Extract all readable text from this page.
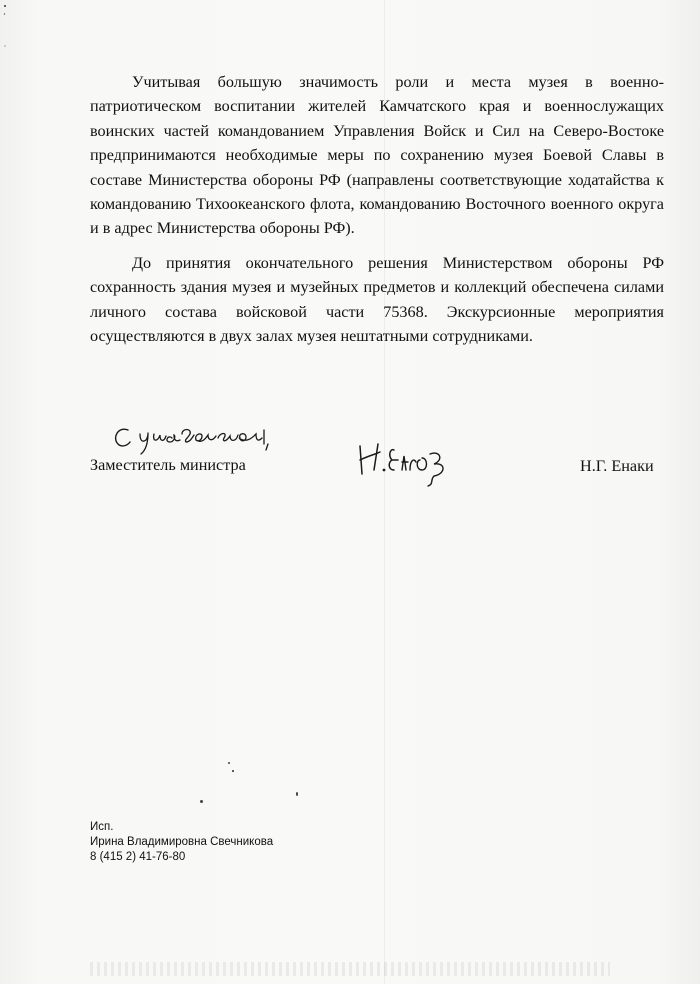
Учитывая большую значимость роли и места музея в военно-патриотическом воспитании жителей Камчатского края и военнослужащих воинских частей командованием Управления Войск и Сил на Северо-Востоке предпринимаются необходимые меры по сохранению музея Боевой Славы в составе Министерства обороны РФ (направлены соответствующие ходатайства к командованию Тихоокеанского флота, командованию Восточного военного округа и в адрес Министерства обороны РФ).

До принятия окончательного решения Министерством обороны РФ сохранность здания музея и музейных предметов и коллекций обеспечена силами личного состава войсковой части 75368. Экскурсионные мероприятия осуществляются в двух залах музея нештатными сотрудниками.

Заместитель министра	Н.Г. Енаки
Исп.
Ирина Владимировна Свечникова
8 (415 2) 41-76-80
